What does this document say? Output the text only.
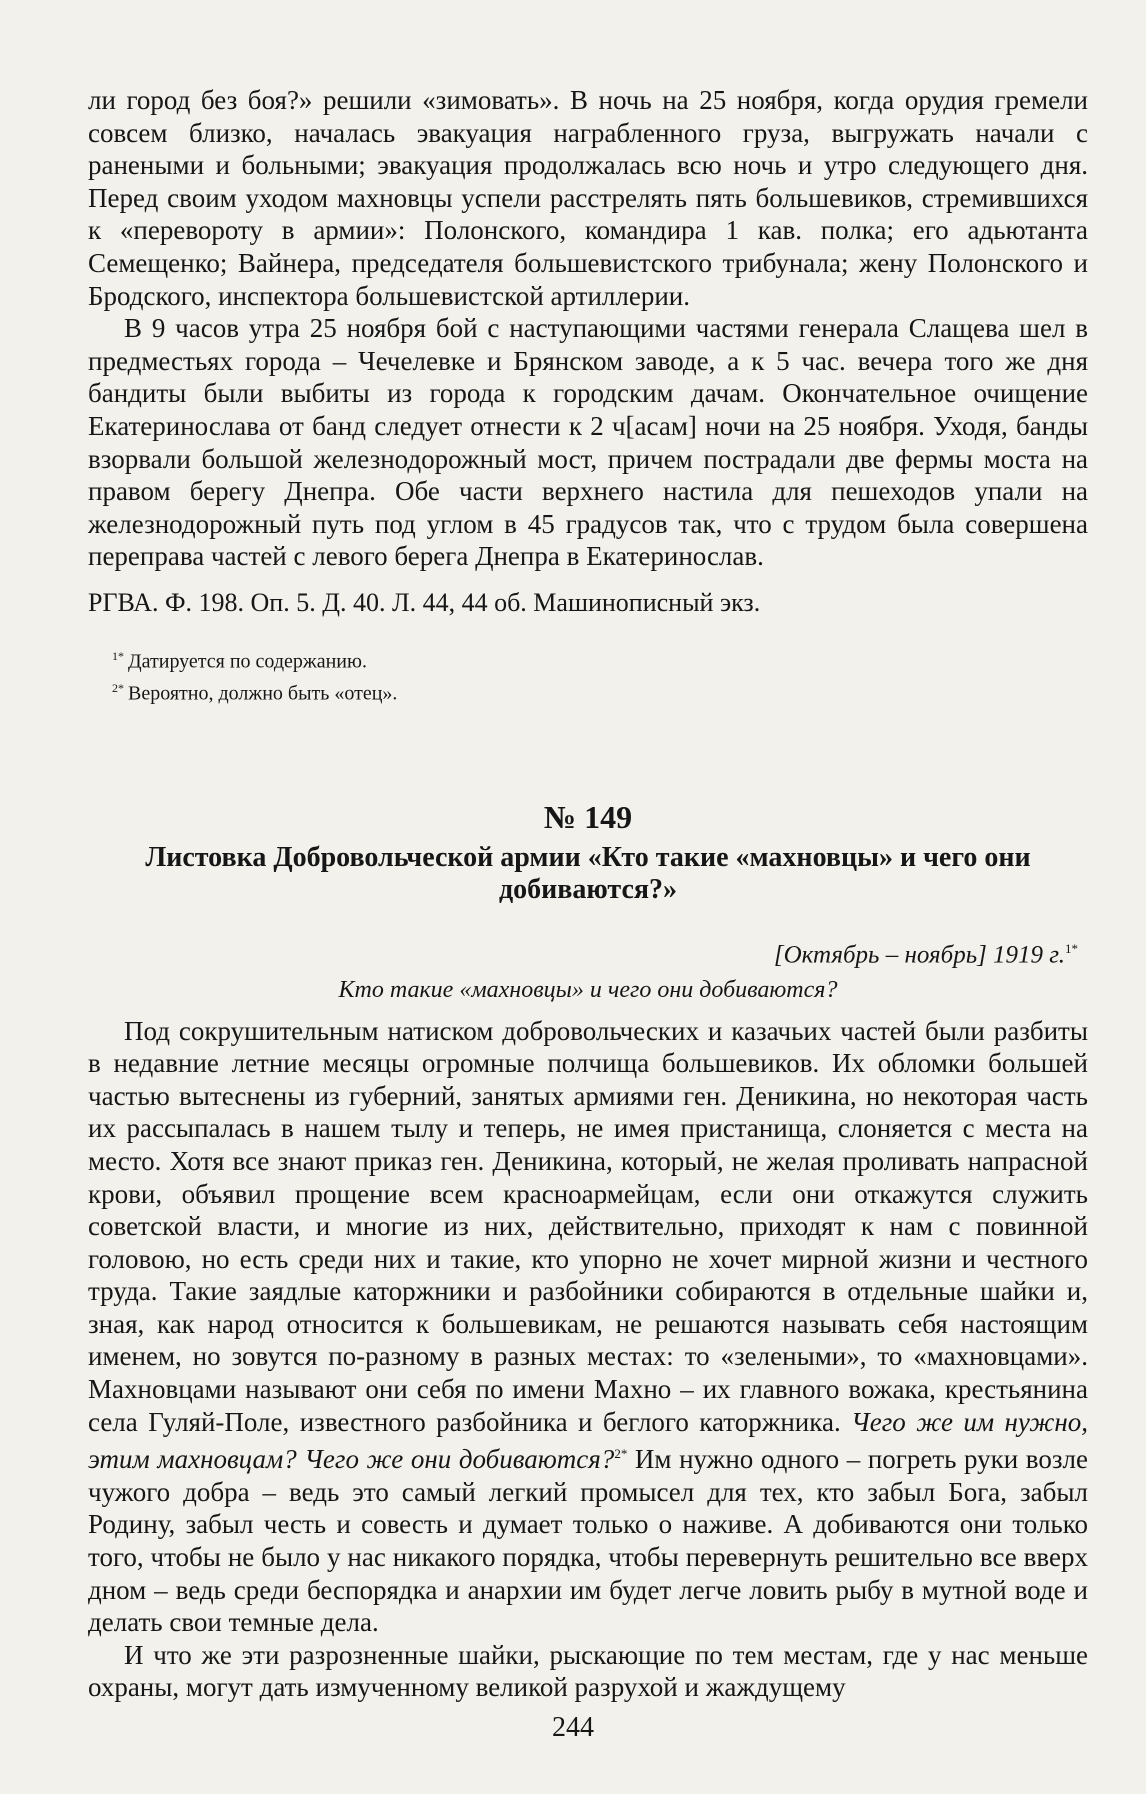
ли город без боя?» решили «зимовать». В ночь на 25 ноября, когда орудия гремели совсем близко, началась эвакуация награбленного груза, выгружать начали с ранеными и больными; эвакуация продолжалась всю ночь и утро следующего дня. Перед своим уходом махновцы успели расстрелять пять большевиков, стремившихся к «перевороту в армии»: Полонского, командира 1 кав. полка; его адьютанта Семещенко; Вайнера, председателя большевистского трибунала; жену Полонского и Бродского, инспектора большевистской артиллерии.

В 9 часов утра 25 ноября бой с наступающими частями генерала Слащева шел в предместьях города – Чечелевке и Брянском заводе, а к 5 час. вечера того же дня бандиты были выбиты из города к городским дачам. Окончательное очищение Екатеринослава от банд следует отнести к 2 ч[асам] ночи на 25 ноября. Уходя, банды взорвали большой железнодорожный мост, причем пострадали две фермы моста на правом берегу Днепра. Обе части верхнего настила для пешеходов упали на железнодорожный путь под углом в 45 градусов так, что с трудом была совершена переправа частей с левого берега Днепра в Екатеринослав.

РГВА. Ф. 198. Оп. 5. Д. 40. Л. 44, 44 об. Машинописный экз.

$^{1*}$ Датируется по содержанию.
$^{2*}$ Вероятно, должно быть «отец».
№ 149
Листовка Добровольческой армии «Кто такие «махновцы» и чего они добиваются?»
[Октябрь – ноябрь] 1919 г.$^{1*}$
Кто такие «махновцы» и чего они добиваются?

Под сокрушительным натиском добровольческих и казачьих частей были разбиты в недавние летние месяцы огромные полчища большевиков. Их обломки большей частью вытеснены из губерний, занятых армиями ген. Деникина, но некоторая часть их рассыпалась в нашем тылу и теперь, не имея пристанища, слоняется с места на место. Хотя все знают приказ ген. Деникина, который, не желая проливать напрасной крови, объявил прощение всем красноармейцам, если они откажутся служить советской власти, и многие из них, действительно, приходят к нам с повинной головою, но есть среди них и такие, кто упорно не хочет мирной жизни и честного труда. Такие заядлые каторжники и разбойники собираются в отдельные шайки и, зная, как народ относится к большевикам, не решаются называть себя настоящим именем, но зовутся по-разному в разных местах: то «зелеными», то «махновцами». Махновцами называют они себя по имени Махно – их главного вожака, крестьянина села Гуляй-Поле, известного разбойника и беглого каторжника. Чего же им нужно, этим махновцам? Чего же они добиваются?$^{2*}$ Им нужно одного – погреть руки возле чужого добра – ведь это самый легкий промысел для тех, кто забыл Бога, забыл Родину, забыл честь и совесть и думает только о наживе. А добиваются они только того, чтобы не было у нас никакого порядка, чтобы перевернуть решительно все вверх дном – ведь среди беспорядка и анархии им будет легче ловить рыбу в мутной воде и делать свои темные дела.

И что же эти разрозненные шайки, рыскающие по тем местам, где у нас меньше охраны, могут дать измученному великой разрухой и жаждущему

244
